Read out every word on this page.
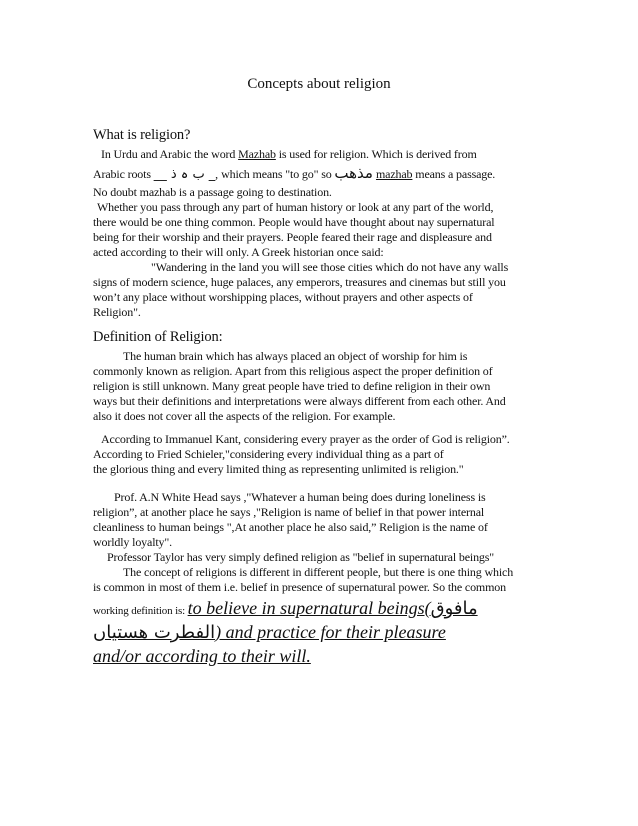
Concepts about religion
What is religion?
In Urdu and Arabic the word Mazhab is used for religion. Which is derived from
Arabic roots _ ب ہ ذ __, which means "to go" so مذھب mazhab means a passage.
No doubt mazhab is a passage going to destination.
Whether you pass through any part of human history or look at any part of the world,
there would be one thing common. People would have thought about nay supernatural
being for their worship and their prayers. People feared their rage and displeasure and
acted according to their will only. A Greek historian once said:
"Wandering in the land you will see those cities which do not have any walls
signs of modern science, huge palaces, any emperors, treasures and cinemas but still you
won’t any place without worshipping places, without prayers and other aspects of
Religion".
Definition of Religion:
The human brain which has always placed an object of worship for him is
commonly known as religion. Apart from this religious aspect the proper definition of
religion is still unknown. Many great people have tried to define religion in their own
ways but their definitions and interpretations were always different from each other. And
also it does not cover all the aspects of the religion. For example.
According to Immanuel Kant, considering every prayer as the order of God is religion”.
According to Fried Schieler,"considering every individual thing as a part of
the glorious thing and every limited thing as representing unlimited is religion."
Prof. A.N White Head says ,"Whatever a human being does during loneliness is
religion”, at another place he says ,"Religion is name of belief in that power internal
cleanliness to human beings ",At another place he also said,” Religion is the name of
worldly loyalty".
Professor Taylor has very simply defined religion as "belief in supernatural beings"
The concept of religions is different in different people, but there is one thing which
is common in most of them i.e. belief in presence of supernatural power. So the common
working definition is: to believe in supernatural beings(مافوق
الفطرت ھستیاں) and practice for their pleasure
and/or according to their will.
